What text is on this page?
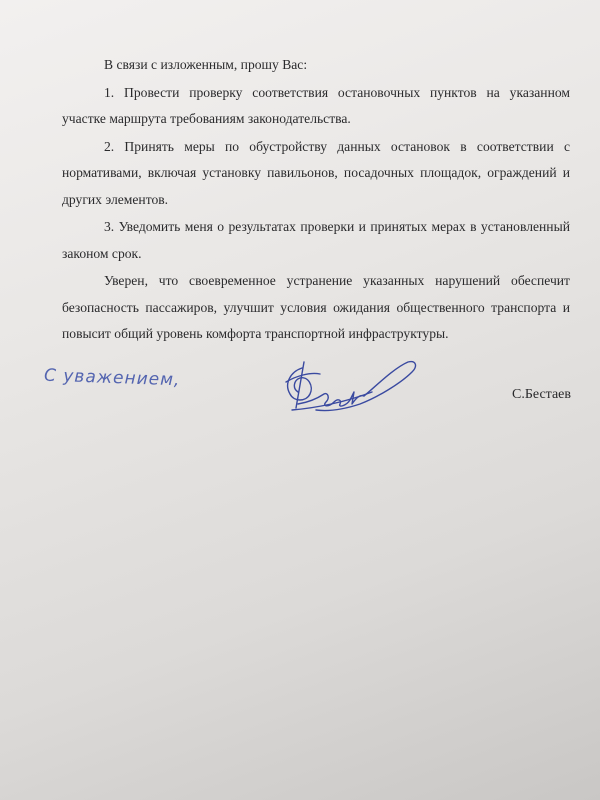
В связи с изложенным, прошу Вас:

1. Провести проверку соответствия остановочных пунктов на указанном участке маршрута требованиям законодательства.

2. Принять меры по обустройству данных остановок в соответствии с нормативами, включая установку павильонов, посадочных площадок, ограждений и других элементов.

3. Уведомить меня о результатах проверки и принятых мерах в установленный законом срок.

Уверен, что своевременное устранение указанных нарушений обеспечит безопасность пассажиров, улучшит условия ожидания общественного транспорта и повысит общий уровень комфорта транспортной инфраструктуры.

С уважением,
С.Бестаев
